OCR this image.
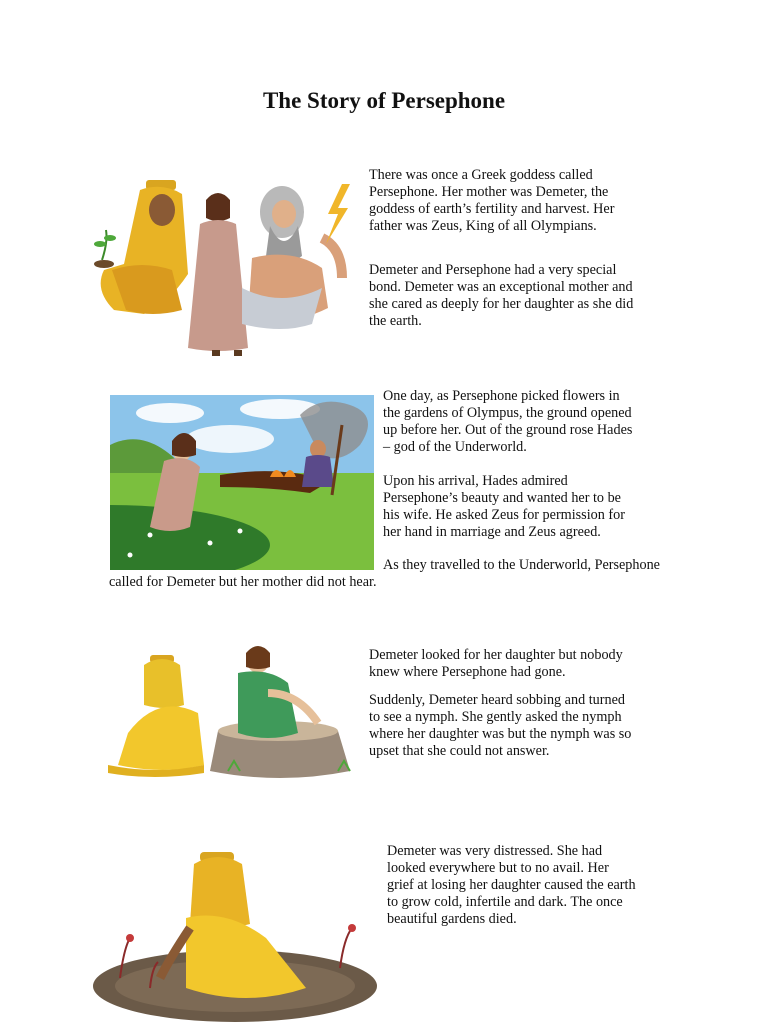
The Story of Persephone

There was once a Greek goddess called
Persephone. Her mother was Demeter, the
goddess of earth’s fertility and harvest. Her
father was Zeus, King of all Olympians.

Demeter and Persephone had a very special
bond. Demeter was an exceptional mother and
she cared as deeply for her daughter as she did
the earth.

One day, as Persephone picked flowers in
the gardens of Olympus, the ground opened
up before her. Out of the ground rose Hades
– god of the Underworld.

Upon his arrival, Hades admired
Persephone’s beauty and wanted her to be
his wife. He asked Zeus for permission for
her hand in marriage and Zeus agreed.

As they travelled to the Underworld, Persephone called for Demeter but her mother did not hear.

Demeter looked for her daughter but nobody
knew where Persephone had gone.

Suddenly, Demeter heard sobbing and turned
to see a nymph. She gently asked the nymph
where her daughter was but the nymph was so
upset that she could not answer.

Demeter was very distressed. She had
looked everywhere but to no avail. Her
grief at losing her daughter caused the earth
to grow cold, infertile and dark. The once
beautiful gardens died.
